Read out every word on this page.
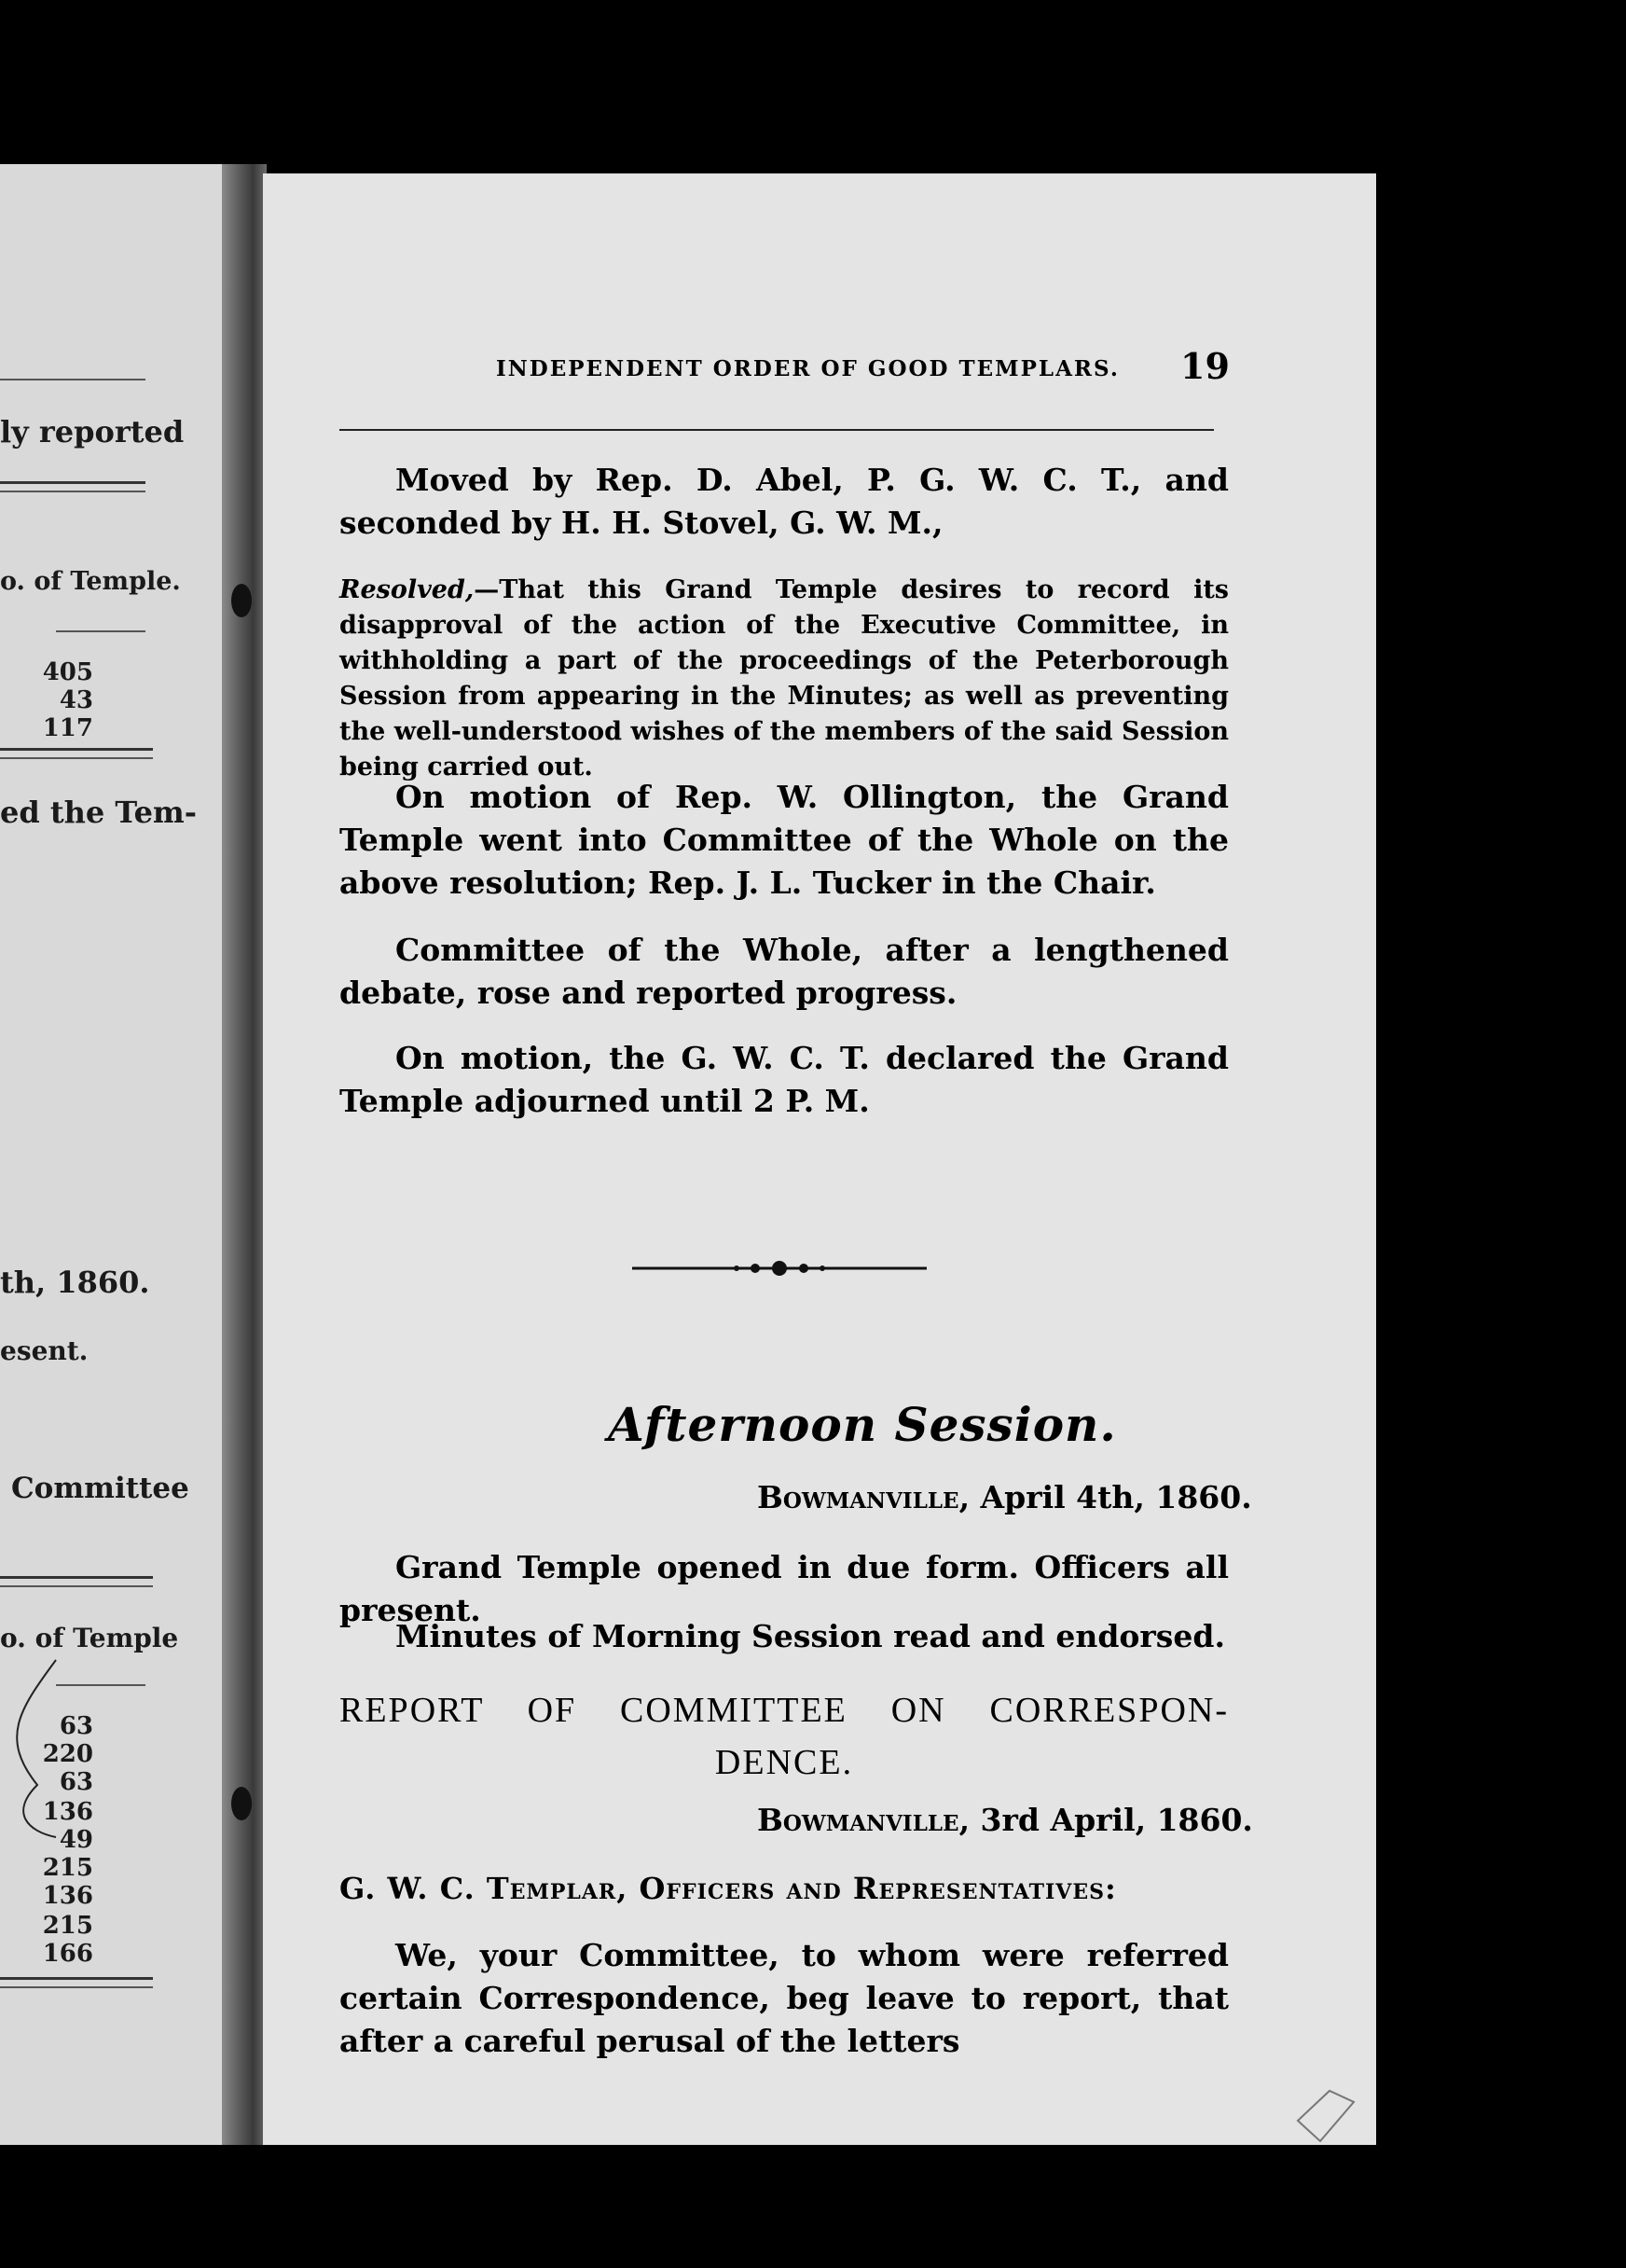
ly reported
o. of Temple.
405
43
117
ed the Tem-
th, 1860.
esent.
Committee
o. of Temple
63
220
63
136
49
215
136
215
166
INDEPENDENT ORDER OF GOOD TEMPLARS. 19

Moved by Rep. D. Abel, P. G. W. C. T., and seconded by H. H. Stovel, G. W. M.,

Resolved,—That this Grand Temple desires to record its disapproval of the action of the Executive Committee, in withholding a part of the proceedings of the Peterborough Session from appearing in the Minutes; as well as preventing the well-understood wishes of the members of the said Session being carried out.

On motion of Rep. W. Ollington, the Grand Temple went into Committee of the Whole on the above resolution; Rep. J. L. Tucker in the Chair.

Committee of the Whole, after a lengthened debate, rose and reported progress.

On motion, the G. W. C. T. declared the Grand Temple adjourned until 2 P. M.

Afternoon Session.
Bowmanville, April 4th, 1860.

Grand Temple opened in due form. Officers all present.

Minutes of Morning Session read and endorsed.

REPORT OF COMMITTEE ON CORRESPON-
DENCE.
Bowmanville, 3rd April, 1860.
G. W. C. Templar, Officers and Representatives:

We, your Committee, to whom were referred certain Correspondence, beg leave to report, that after a careful perusal of the letters
